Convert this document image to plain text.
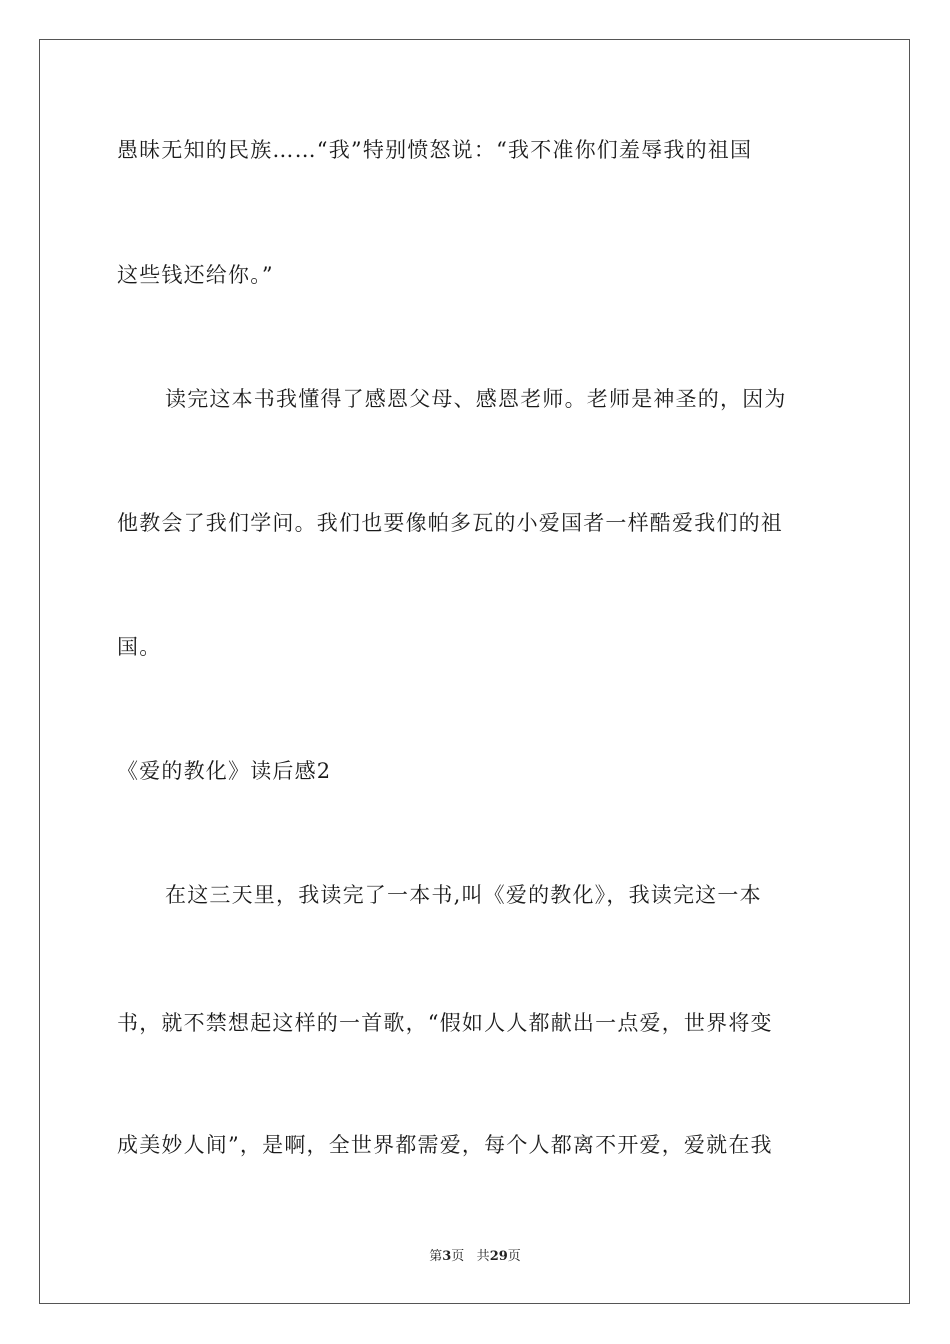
愚昧无知的民族……“我”特别愤怒说：“我不准你们羞辱我的祖国
这些钱还给你。”
读完这本书我懂得了感恩父母、感恩老师。老师是神圣的，因为
他教会了我们学问。我们也要像帕多瓦的小爱国者一样酷爱我们的祖
国。
《爱的教化》读后感2
在这三天里，我读完了一本书,叫《爱的教化》，我读完这一本
书，就不禁想起这样的一首歌，“假如人人都献出一点爱，世界将变
成美妙人间”，是啊，全世界都需爱，每个人都离不开爱，爱就在我
第3页 共29页
